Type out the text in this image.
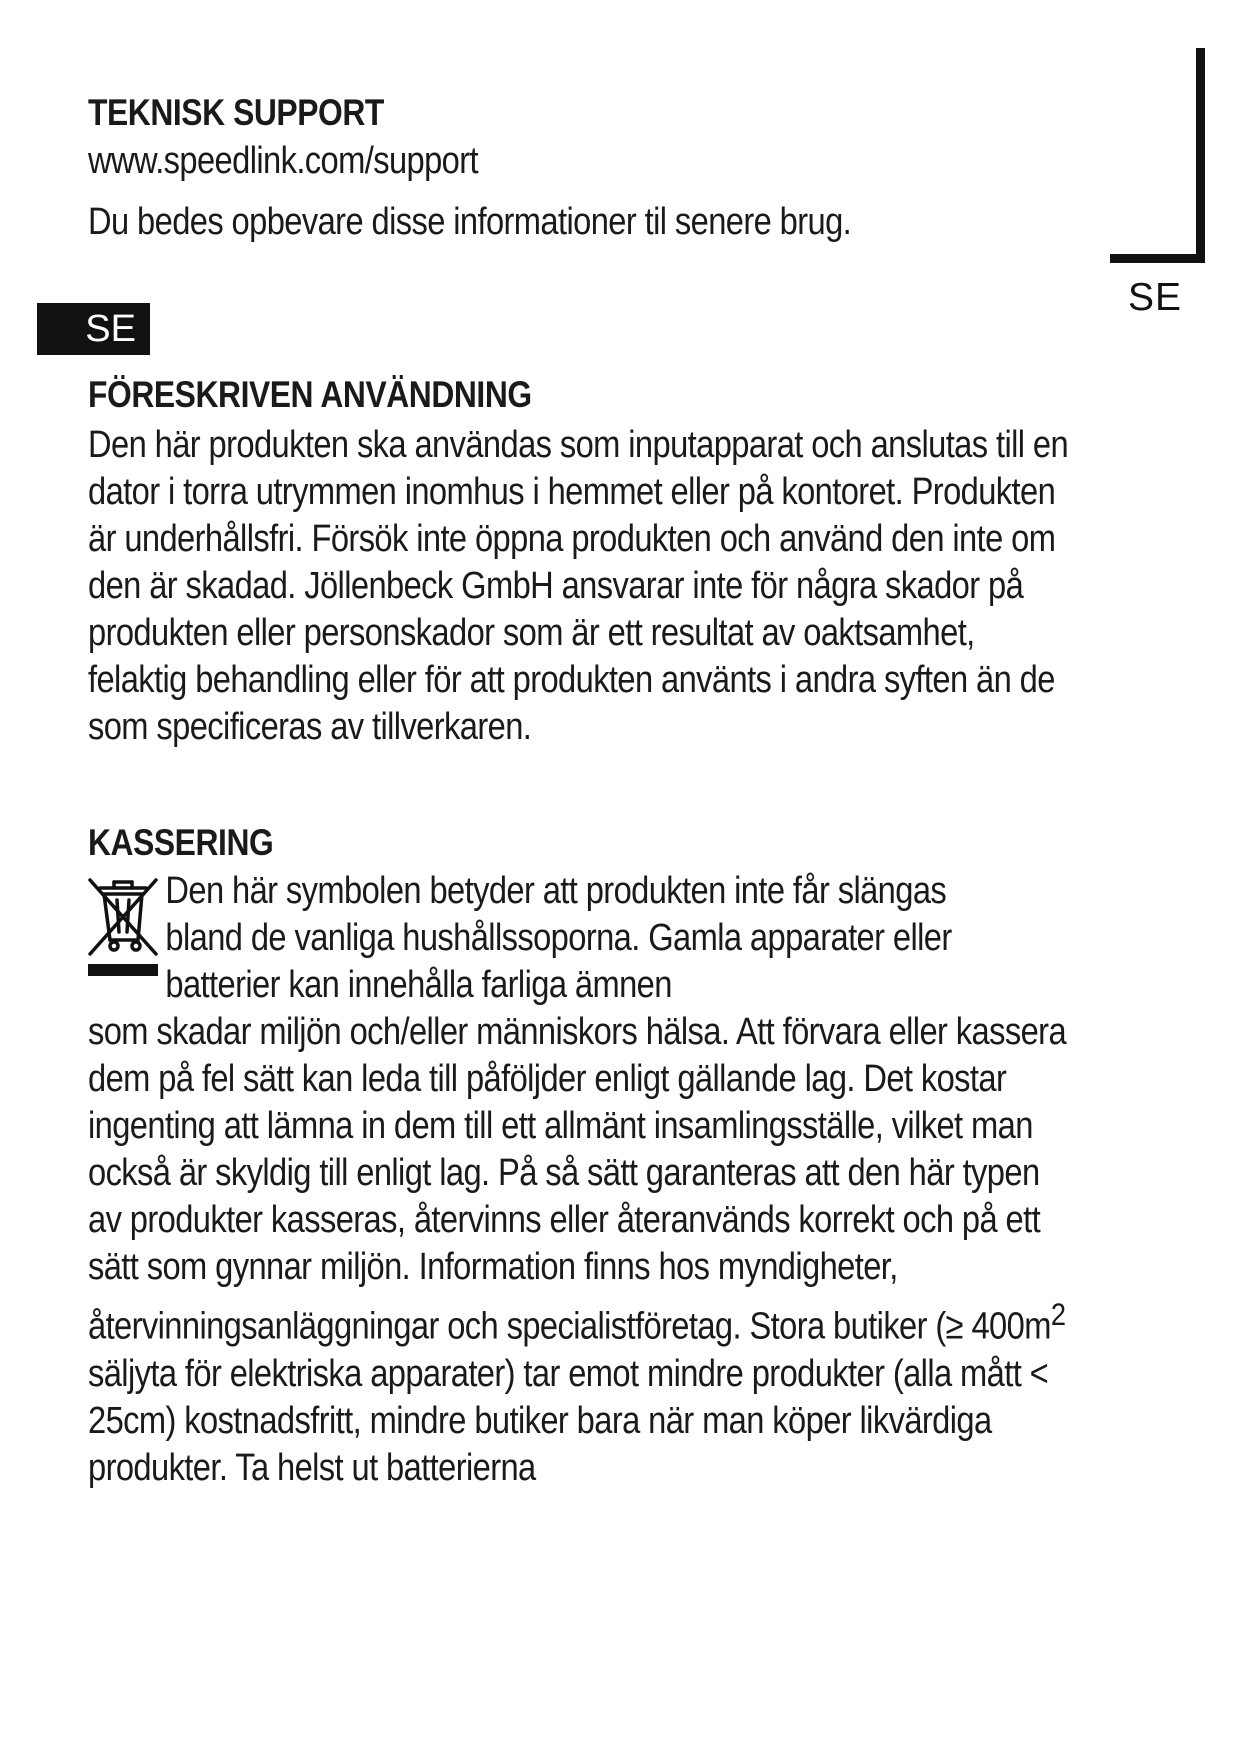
SE
TEKNISK SUPPORT

www.speedlink.com/support

Du bedes opbevare disse informationer til senere brug.

SE
FÖRESKRIVEN ANVÄNDNING

Den här produkten ska användas som inputapparat och anslutas till en dator i torra utrymmen inomhus i hemmet eller på kontoret. Produkten är underhållsfri. Försök inte öppna produkten och använd den inte om den är skadad. Jöllenbeck GmbH ansvarar inte för några skador på produkten eller personskador som är ett resultat av oaktsamhet, felaktig behandling eller för att produkten använts i andra syften än de som specificeras av tillverkaren.

KASSERING

Den här symbolen betyder att produkten inte får slängas bland de vanliga hushållssoporna. Gamla apparater eller batterier kan innehålla farliga ämnen

som skadar miljön och/eller människors hälsa. Att förvara eller kassera dem på fel sätt kan leda till påföljder enligt gällande lag. Det kostar ingenting att lämna in dem till ett allmänt insamlingsställe, vilket man också är skyldig till enligt lag. På så sätt garanteras att den här typen av produkter kasseras, återvinns eller återanvänds korrekt och på ett sätt som gynnar miljön. Information finns hos myndigheter, återvinningsanläggningar och specialistföretag. Stora butiker (≥ $400m^2$ säljyta för elektriska apparater) tar emot mindre produkter (alla mått < 25cm) kostnadsfritt, mindre butiker bara när man köper likvärdiga produkter. Ta helst ut batterierna
